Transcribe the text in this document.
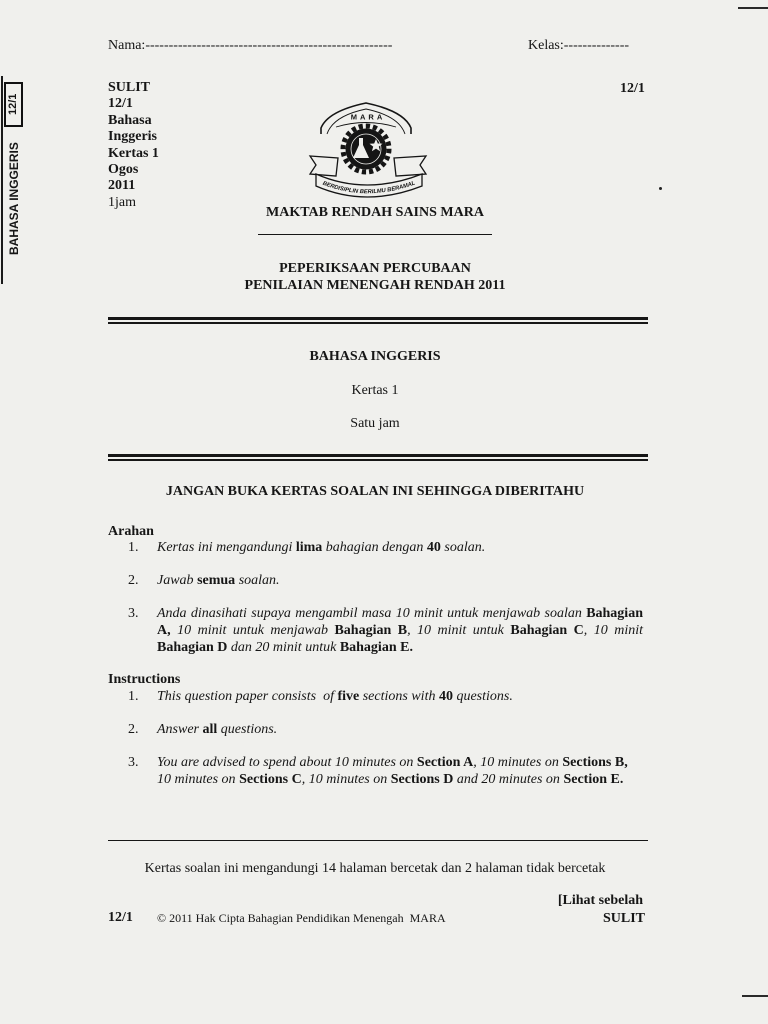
Nama:-----------------------------------------------------	Kelas:--------------
12/1
BAHASA INGGERIS
12/1
SULIT
12/1
Bahasa
Inggeris
Kertas 1
Ogos
2011
1jam
MARA
BERDISIPLIN BERILMU BERAMAL
MAKTAB RENDAH SAINS MARA
PEPERIKSAAN PERCUBAAN
PENILAIAN MENENGAH RENDAH 2011
BAHASA INGGERIS
Kertas 1
Satu jam
JANGAN BUKA KERTAS SOALAN INI SEHINGGA DIBERITAHU
Arahan
1. Kertas ini mengandungi lima bahagian dengan 40 soalan.
2. Jawab semua soalan.
3. Anda dinasihati supaya mengambil masa 10 minit untuk menjawab soalan Bahagian
A, 10 minit untuk menjawab Bahagian B, 10 minit untuk Bahagian C, 10 minit
Bahagian D dan 20 minit untuk Bahagian E.
Instructions
1. This question paper consists  of five sections with 40 questions.
2. Answer all questions.
3. You are advised to spend about 10 minutes on Section A, 10 minutes on Sections B,
10 minutes on Sections C, 10 minutes on Sections D and 20 minutes on Section E.
Kertas soalan ini mengandungi 14 halaman bercetak dan 2 halaman tidak bercetak
[Lihat sebelah
SULIT
12/1 © 2011 Hak Cipta Bahagian Pendidikan Menengah  MARA
